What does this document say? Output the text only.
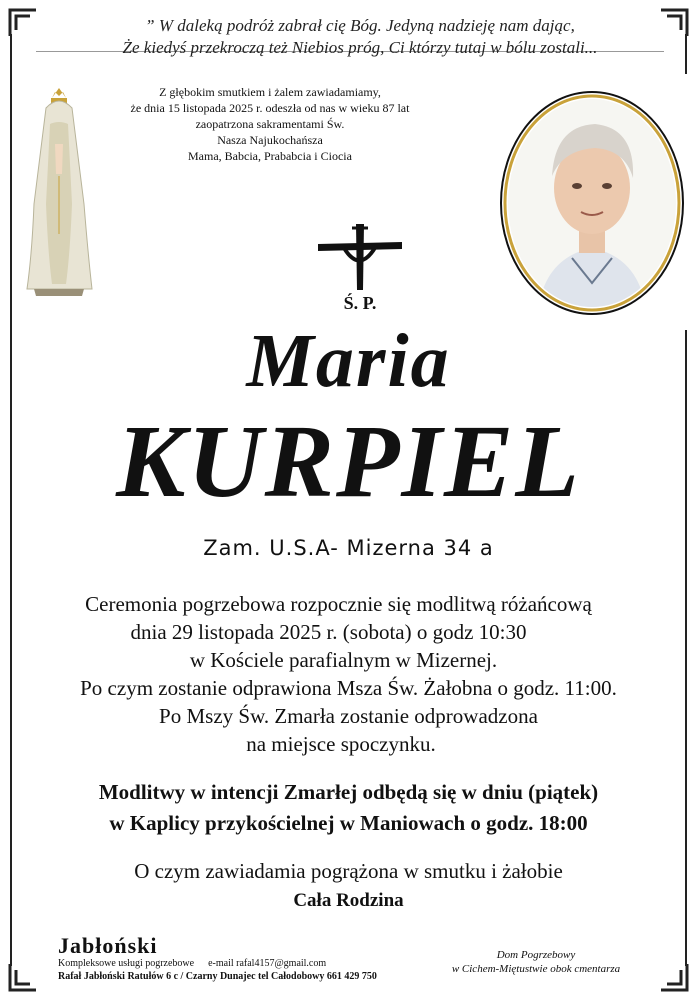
” W daleką podróż zabrał cię Bóg. Jedyną nadzieję nam dając,
Że kiedyś przekroczą też Niebios próg, Ci którzy tutaj w bólu zostali...
Z głębokim smutkiem i żalem zawiadamiamy,
że dnia 15 listopada 2025 r. odeszła od nas w wieku 87 lat
zaopatrzona sakramentami Św.
Nasza Najukochańsza
Mama, Babcia, Prababcia i Ciocia
Ś. P.
Maria
KURPIEL
Zam. U.S.A- Mizerna 34 a
Ceremonia pogrzebowa rozpocznie się modlitwą różańcową
dnia 29 listopada 2025 r. (sobota) o godz 10:30
w Kościele parafialnym w Mizernej.
Po czym zostanie odprawiona Msza Św. Żałobna o godz. 11:00.
Po Mszy Św. Zmarła zostanie odprowadzona
na miejsce spoczynku.
Modlitwy w intencji Zmarłej odbędą się w dniu (piątek)
w Kaplicy przykościelnej w Maniowach o godz. 18:00
O czym zawiadamia pogrążona w smutku i żałobie
Cała Rodzina
Jabłoński
Kompleksowe usługi pogrzebowe e-mail rafal4157@gmail.com
Rafał Jabłoński Ratułów 6 c / Czarny Dunajec tel Całodobowy 661 429 750
Dom Pogrzebowy
w Cichem-Miętustwie obok cmentarza
